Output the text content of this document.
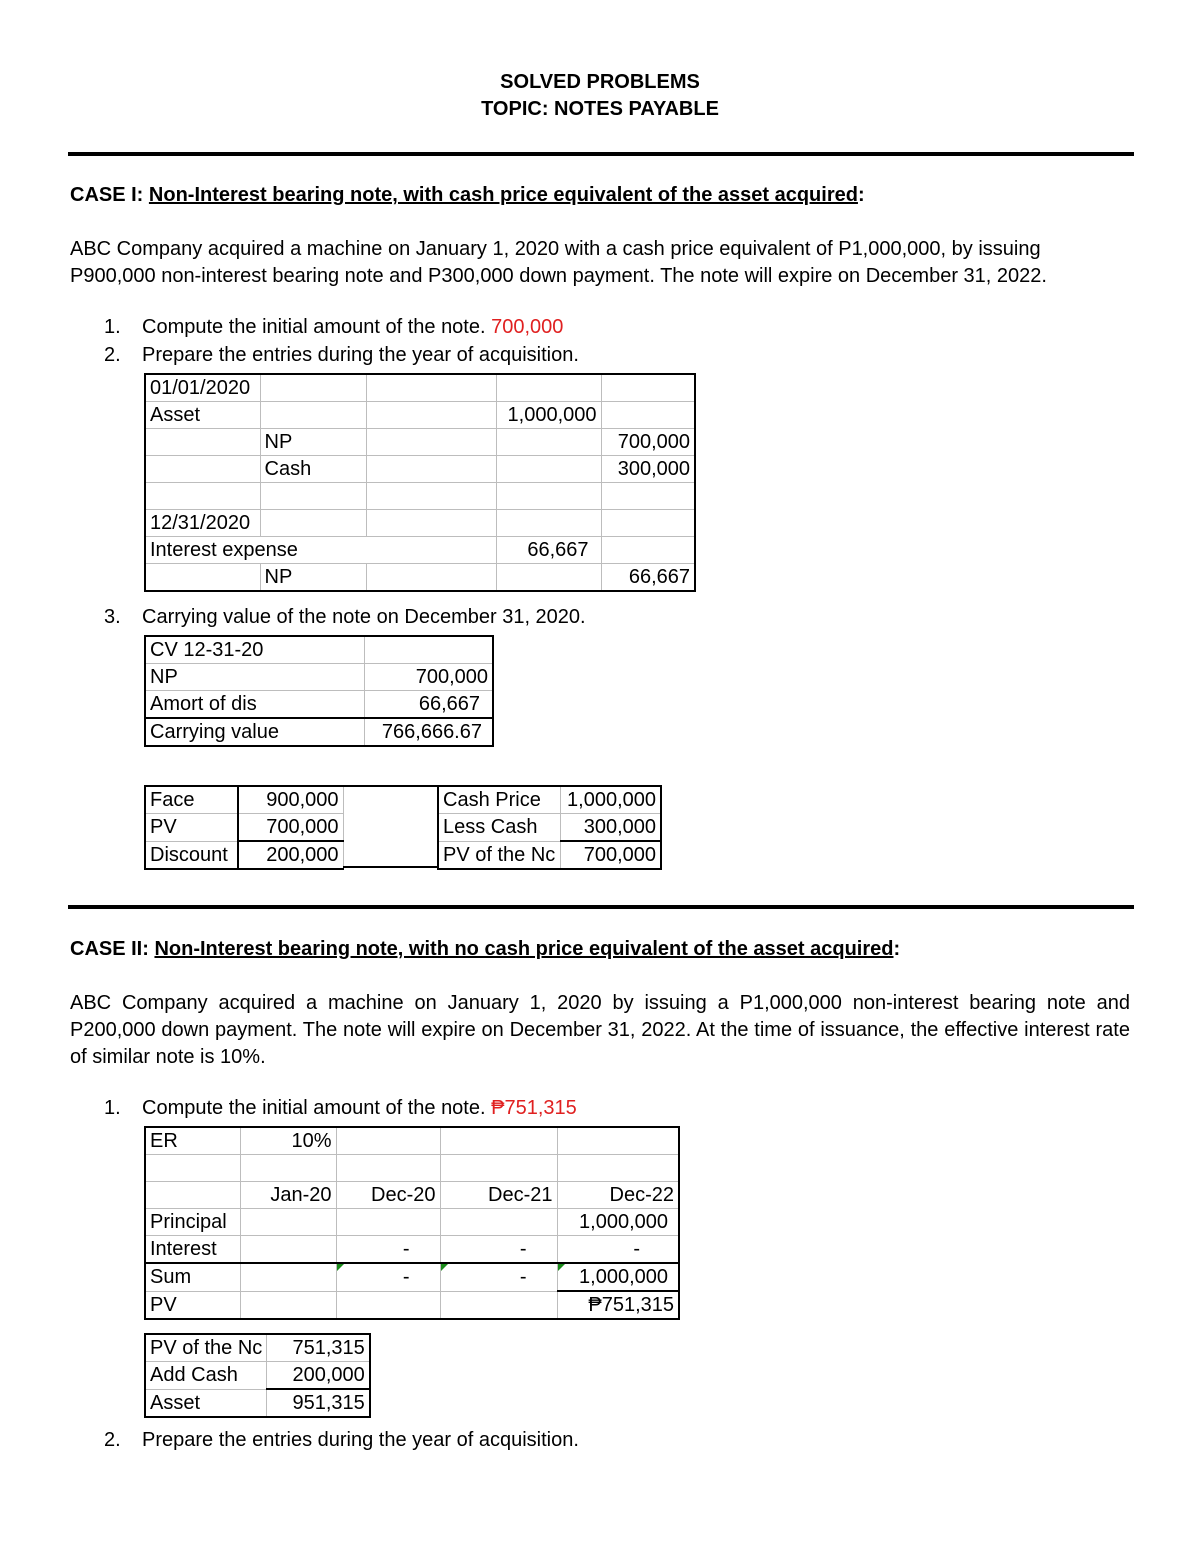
SOLVED PROBLEMS
TOPIC: NOTES PAYABLE
CASE I: Non-Interest bearing note, with cash price equivalent of the asset acquired:
ABC Company acquired a machine on January 1, 2020 with a cash price equivalent of P1,000,000, by issuing P900,000 non-interest bearing note and P300,000 down payment. The note will expire on December 31, 2022.
1. Compute the initial amount of the note. 700,000
2. Prepare the entries during the year of acquisition.
01/01/2020				
Asset			1,000,000	
	NP			700,000
	Cash			300,000

12/31/2020				
Interest expense			66,667	
	NP			66,667
3. Carrying value of the note on December 31, 2020.
CV 12-31-20	
NP	700,000
Amort of dis	66,667
Carrying value	766,666.67
Face	900,000
PV	700,000
Discount	200,000
Cash Price	1,000,000
Less Cash	300,000
PV of the Nc	700,000
CASE II: Non-Interest bearing note, with no cash price equivalent of the asset acquired:
ABC Company acquired a machine on January 1, 2020 by issuing a P1,000,000 non-interest bearing note and P200,000 down payment. The note will expire on December 31, 2022. At the time of issuance, the effective interest rate of similar note is 10%.
1. Compute the initial amount of the note. ₱751,315
ER	10%			

	Jan-20	Dec-20	Dec-21	Dec-22
Principal				1,000,000
Interest		-	-	-
Sum		-	-	1,000,000
PV				₱751,315
PV of the Nc	751,315
Add Cash	200,000
Asset	951,315
2. Prepare the entries during the year of acquisition.
